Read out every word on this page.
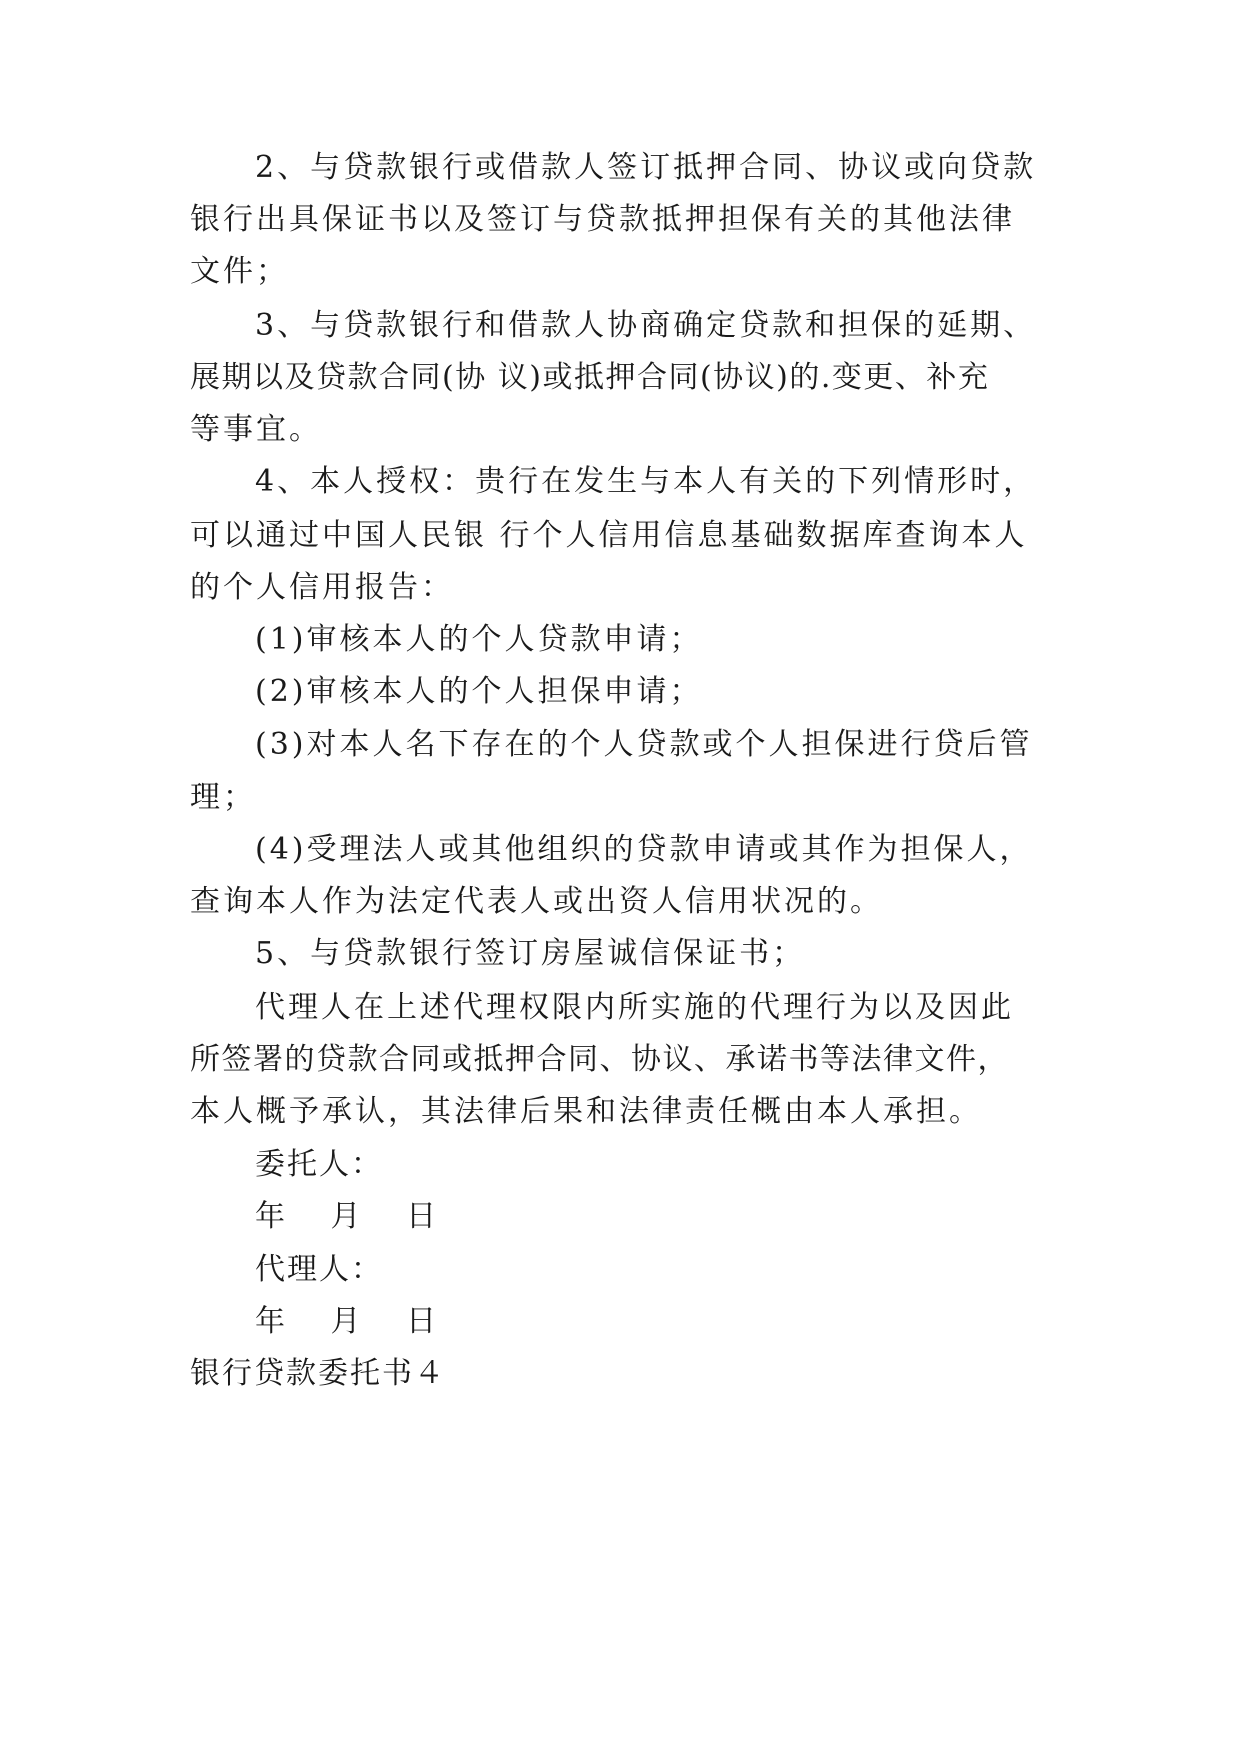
2、与贷款银行或借款人签订抵押合同、协议或向贷款

银行出具保证书以及签订与贷款抵押担保有关的其他法律

文件；

3、与贷款银行和借款人协商确定贷款和担保的延期、

展期以及贷款合同(协 议)或抵押合同(协议)的.变更、补充

等事宜。

4、本人授权：贵行在发生与本人有关的下列情形时，

可以通过中国人民银 行个人信用信息基础数据库查询本人

的个人信用报告：

(1)审核本人的个人贷款申请；

(2)审核本人的个人担保申请；

(3)对本人名下存在的个人贷款或个人担保进行贷后管

理；

(4)受理法人或其他组织的贷款申请或其作为担保人，

查询本人作为法定代表人或出资人信用状况的。

5、与贷款银行签订房屋诚信保证书；

代理人在上述代理权限内所实施的代理行为以及因此

所签署的贷款合同或抵押合同、协议、承诺书等法律文件，

本人概予承认，其法律后果和法律责任概由本人承担。

委托人：

年 月 日

代理人：

年 月 日

银行贷款委托书４
